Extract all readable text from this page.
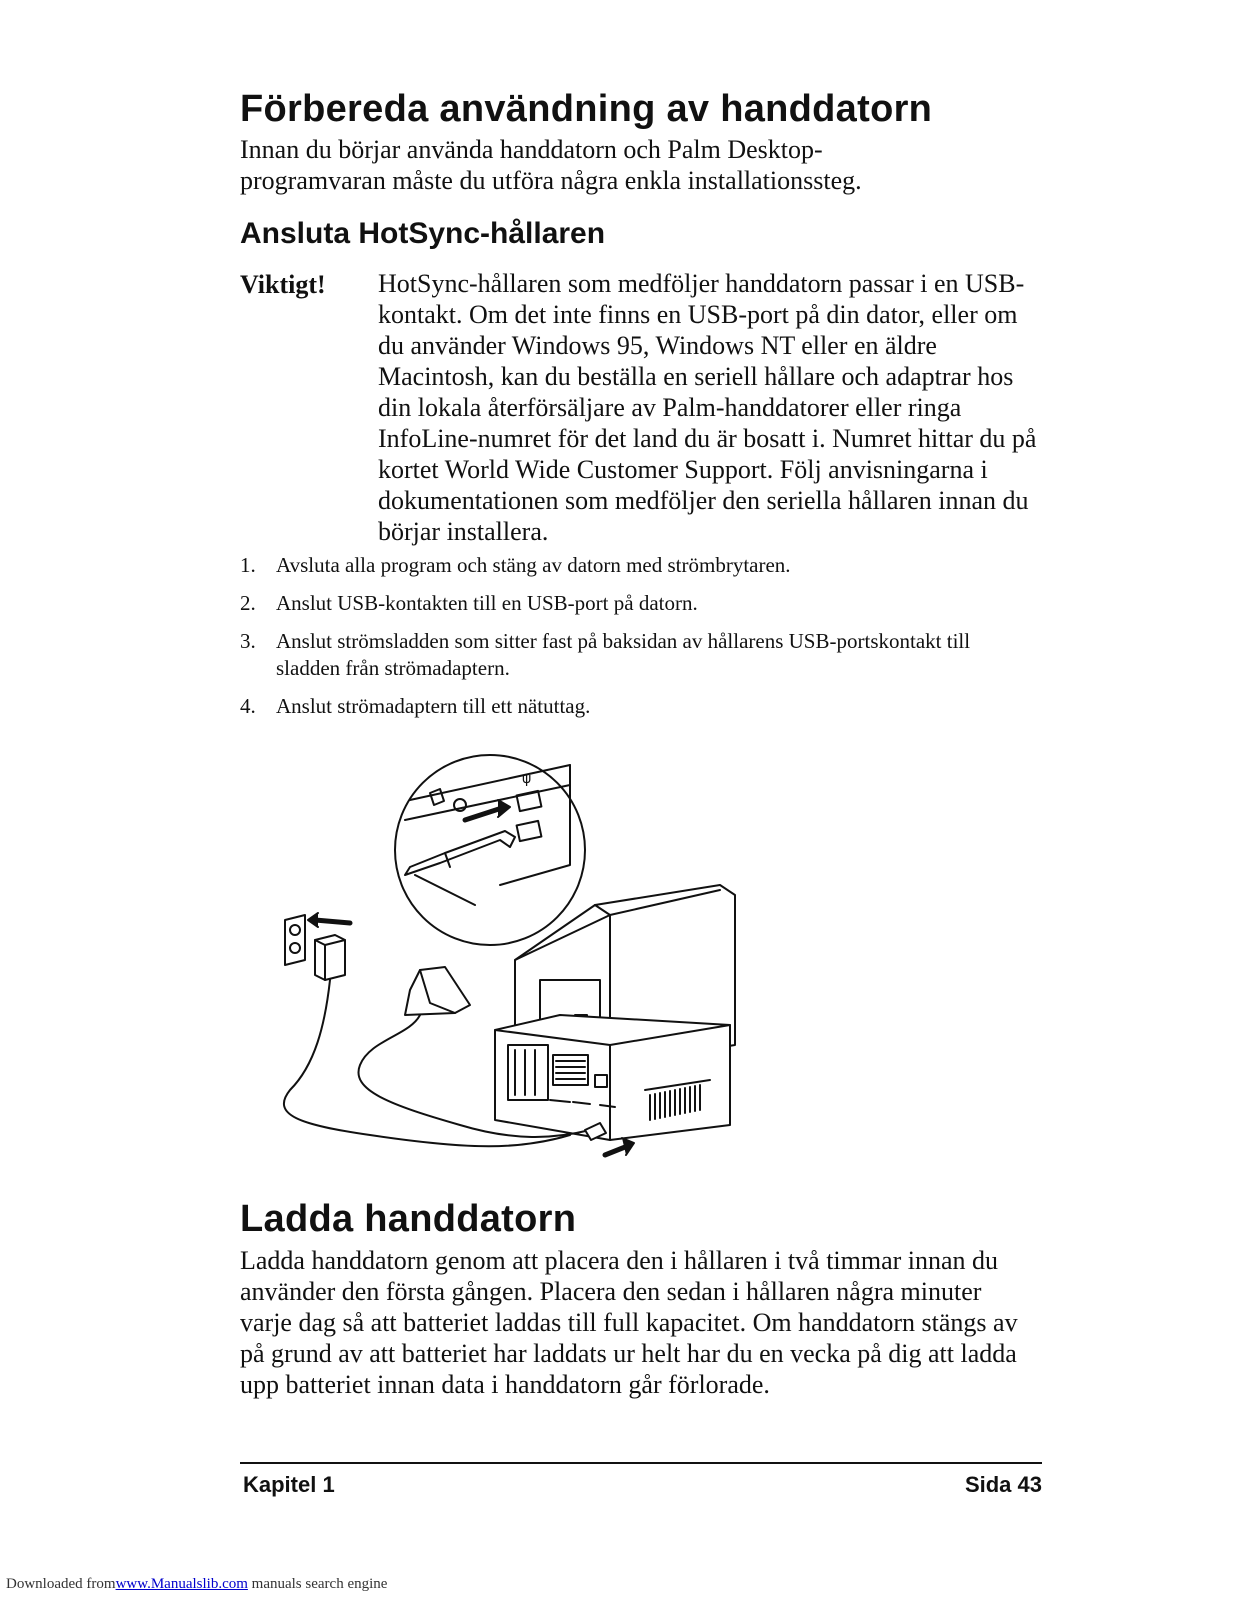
Förbereda användning av handdatorn

Innan du börjar använda handdatorn och Palm Desktop-programvaran måste du utföra några enkla installationssteg.

Ansluta HotSync-hållaren
Viktigt! HotSync-hållaren som medföljer handdatorn passar i en USB-kontakt. Om det inte finns en USB-port på din dator, eller om du använder Windows 95, Windows NT eller en äldre Macintosh, kan du beställa en seriell hållare och adaptrar hos din lokala återförsäljare av Palm-handdatorer eller ringa InfoLine-numret för det land du är bosatt i. Numret hittar du på kortet World Wide Customer Support. Följ anvisningarna i dokumentationen som medföljer den seriella hållaren innan du börjar installera.

1. Avsluta alla program och stäng av datorn med strömbrytaren.
2. Anslut USB-kontakten till en USB-port på datorn.
3. Anslut strömsladden som sitter fast på baksidan av hållarens USB-portskontakt till sladden från strömadaptern.
4. Anslut strömadaptern till ett nätuttag.
ψ
Ladda handdatorn

Ladda handdatorn genom att placera den i hållaren i två timmar innan du använder den första gången. Placera den sedan i hållaren några minuter varje dag så att batteriet laddas till full kapacitet. Om handdatorn stängs av på grund av att batteriet har laddats ur helt har du en vecka på dig att ladda upp batteriet innan data i handdatorn går förlorade.

Kapitel 1	Sida 43
Downloaded fromwww.Manualslib.com manuals search engine
